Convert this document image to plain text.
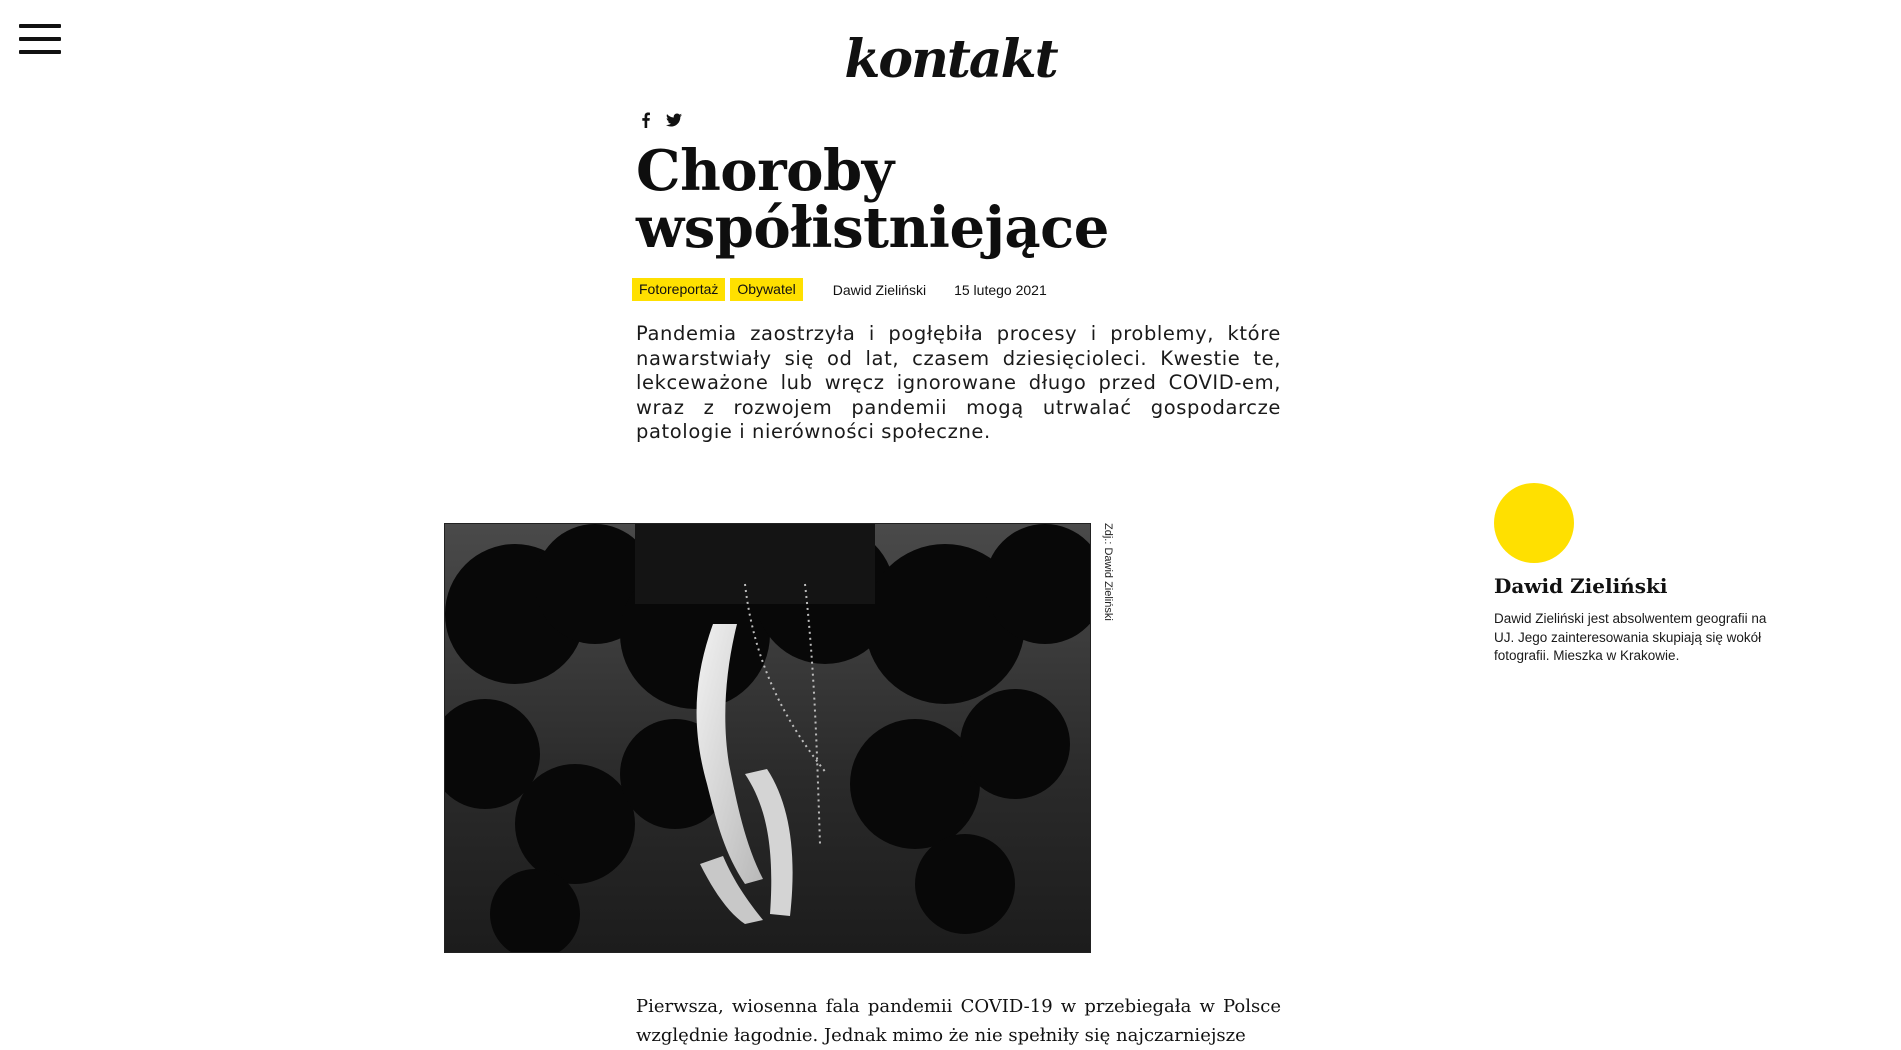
kontakt
Choroby współistniejące
Fotoreportaż	Obywatel	Dawid Zieliński 15 lutego 2021

Pandemia zaostrzyła i pogłębiła procesy i problemy, które nawarstwiały się od lat, czasem dziesięcioleci. Kwestie te, lekceważone lub wręcz ignorowane długo przed COVID-em, wraz z rozwojem pandemii mogą utrwalać gospodarcze patologie i nierówności społeczne.

Zdj.: Dawid Zieliński	Dawid Zieliński

Dawid Zieliński jest absolwentem geografii na UJ. Jego zainteresowania skupiają się wokół fotografii. Mieszka w Krakowie.

Pierwsza, wiosenna fala pandemii COVID-19 w przebiegała w Polsce względnie łagodnie. Jednak mimo że nie spełniły się najczarniejsze
